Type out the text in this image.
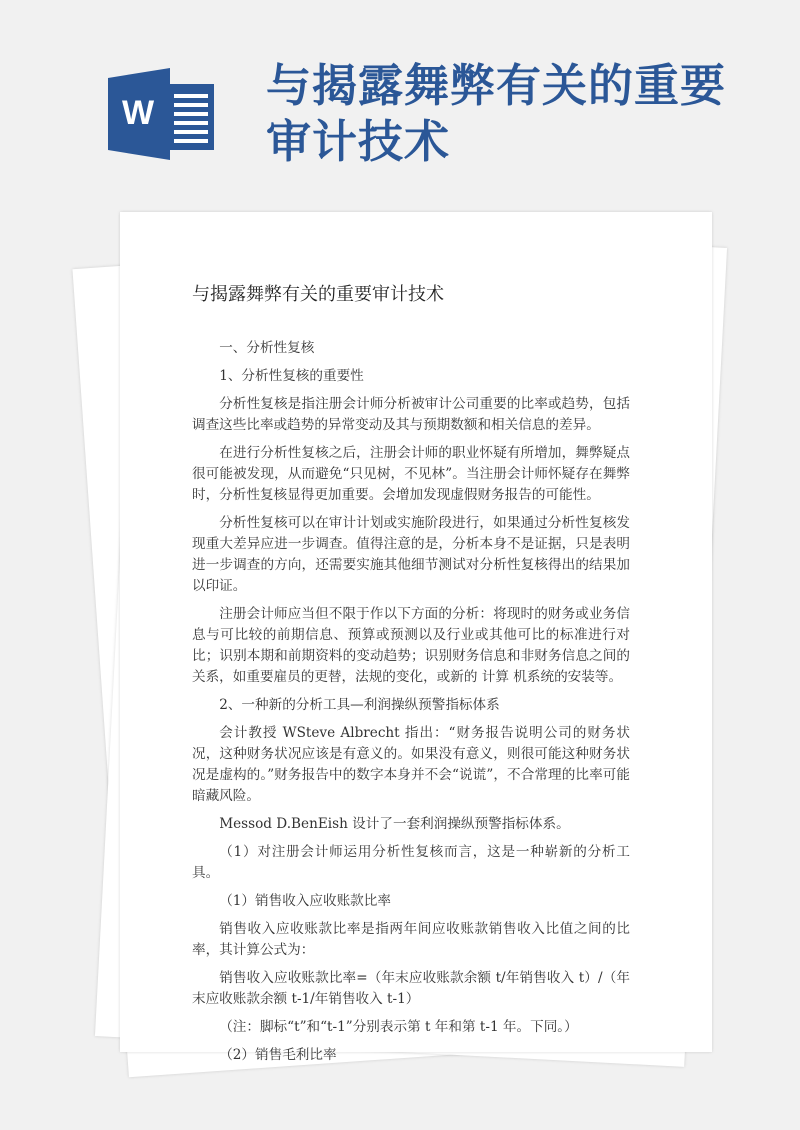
W
与揭露舞弊有关的重要审计技术
与揭露舞弊有关的重要审计技术

一、分析性复核

1、分析性复核的重要性

分析性复核是指注册会计师分析被审计公司重要的比率或趋势，包括调查这些比率或趋势的异常变动及其与预期数额和相关信息的差异。

在进行分析性复核之后，注册会计师的职业怀疑有所增加，舞弊疑点很可能被发现，从而避免“只见树，不见林”。当注册会计师怀疑存在舞弊时，分析性复核显得更加重要。会增加发现虚假财务报告的可能性。

分析性复核可以在审计计划或实施阶段进行，如果通过分析性复核发现重大差异应进一步调查。值得注意的是，分析本身不是证据，只是表明进一步调查的方向，还需要实施其他细节测试对分析性复核得出的结果加以印证。

注册会计师应当但不限于作以下方面的分析：将现时的财务或业务信息与可比较的前期信息、预算或预测以及行业或其他可比的标准进行对比；识别本期和前期资料的变动趋势；识别财务信息和非财务信息之间的关系，如重要雇员的更替，法规的变化，或新的 计算 机系统的安装等。

2、一种新的分析工具—利润操纵预警指标体系

会计教授 WSteve Albrecht 指出：“财务报告说明公司的财务状况，这种财务状况应该是有意义的。如果没有意义，则很可能这种财务状况是虚构的。”财务报告中的数字本身并不会“说谎”，不合常理的比率可能暗藏风险。

Messod D.BenEish 设计了一套利润操纵预警指标体系。

（1）对注册会计师运用分析性复核而言，这是一种崭新的分析工具。

（1）销售收入应收账款比率

销售收入应收账款比率是指两年间应收账款销售收入比值之间的比率，其计算公式为：

销售收入应收账款比率=（年末应收账款余额 t/年销售收入 t）/（年末应收账款余额 t-1/年销售收入 t-1）

（注：脚标“t”和“t-1”分别表示第 t 年和第 t-1 年。下同。）

（2）销售毛利比率
